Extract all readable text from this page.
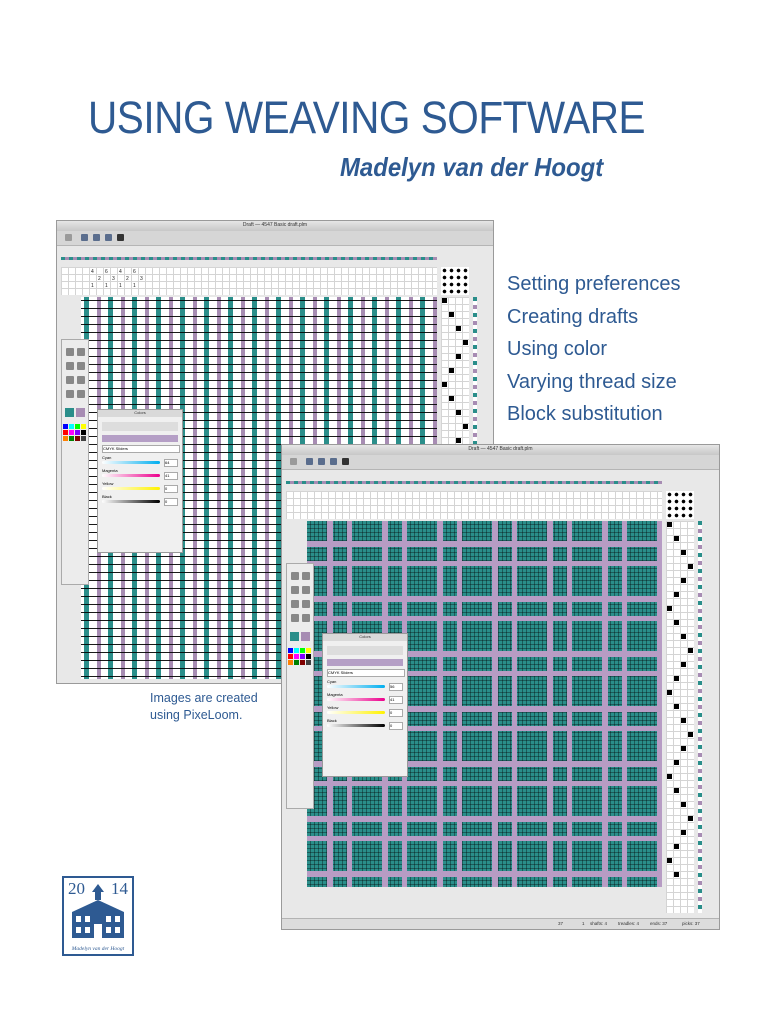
USING WEAVING SOFTWARE
Madelyn van der Hoogt
Draft — 4547 Basic draft.plm
4 6 4 6
2 3 2 3
1 1 1 1
Colors
CMYK Sliders
Cyan
64
Magenta
41
Yellow
0
Black
0
Setting preferences
Creating drafts
Using color
Varying thread size
Block substitution
Draft — 4547 Basic draft.plm
Colors
CMYK Sliders
Cyan
56
Magenta
41
Yellow
0
Black
0
37	1 shafts: 4 treadles: 4 ends: 37	picks: 37
Images are created using PixeLoom.
20 14
Madelyn van der Hoogt
